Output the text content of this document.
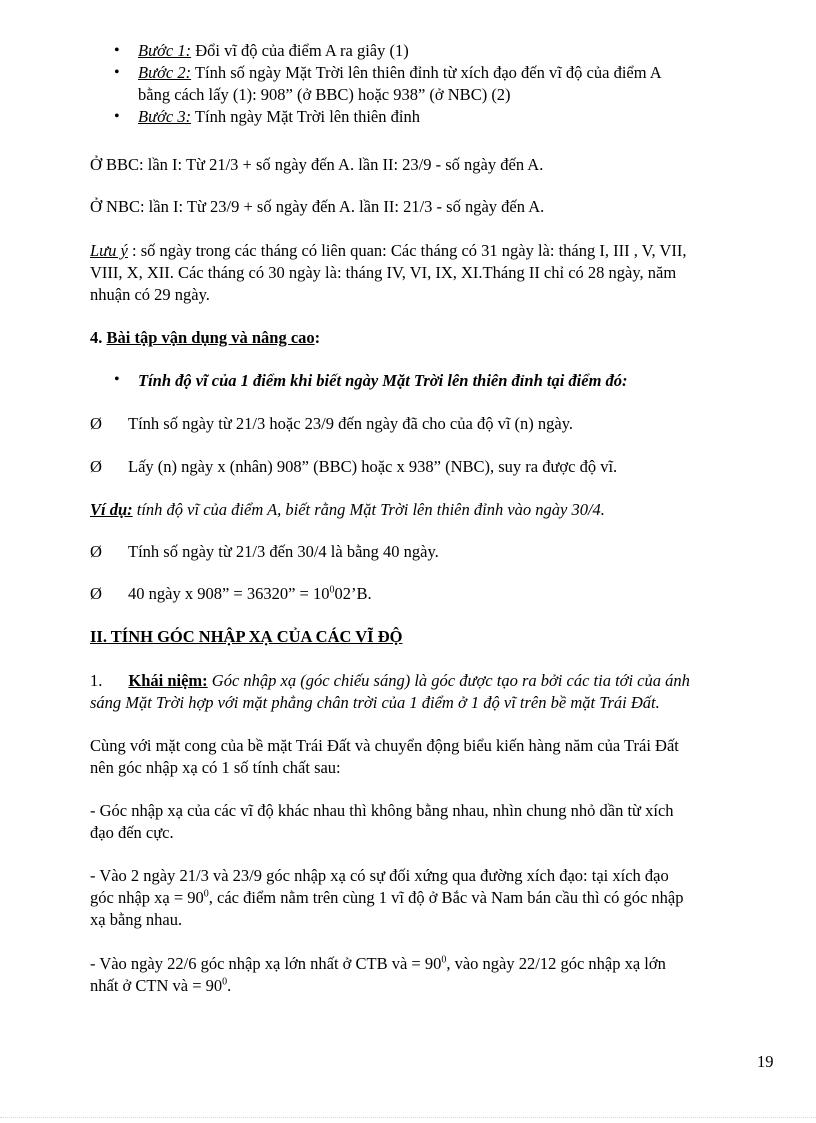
• Bước 1: Đổi vĩ độ của điểm A ra giây (1)
• Bước 2: Tính số ngày Mặt Trời lên thiên đỉnh từ xích đạo đến vĩ độ của điểm A
bằng cách lấy (1): 908” (ở BBC) hoặc 938” (ở NBC) (2)
• Bước 3: Tính ngày Mặt Trời lên thiên đỉnh
Ở BBC: lần I: Từ 21/3 + số ngày đến A. lần II: 23/9 - số ngày đến A.
Ở NBC: lần I: Từ 23/9 + số ngày đến A. lần II: 21/3 - số ngày đến A.
Lưu ý : số ngày trong các tháng có liên quan: Các tháng có 31 ngày là: tháng I, III , V, VII,
VIII, X, XII. Các tháng có 30 ngày là: tháng IV, VI, IX, XI.Tháng II chỉ có 28 ngày, năm
nhuận có 29 ngày.
4. Bài tập vận dụng và nâng cao:
• Tính độ vĩ của 1 điểm khi biết ngày Mặt Trời lên thiên đỉnh tại điểm đó:
Ø	Tính số ngày từ 21/3 hoặc 23/9 đến ngày đã cho của độ vĩ (n) ngày.
Ø	Lấy (n) ngày x (nhân) 908” (BBC) hoặc x 938” (NBC), suy ra được độ vĩ.
Ví dụ: tính độ vĩ của điểm A, biết rằng Mặt Trời lên thiên đỉnh vào ngày 30/4.
Ø	Tính số ngày từ 21/3 đến 30/4 là bằng 40 ngày.
Ø	40 ngày x 908” = 36320” = $10^002’B$.
II. TÍNH GÓC NHẬP XẠ CỦA CÁC VĨ ĐỘ
1. Khái niệm: Góc nhập xạ (góc chiếu sáng) là góc được tạo ra bởi các tia tới của ánh
sáng Mặt Trời hợp với mặt phẳng chân trời của 1 điểm ở 1 độ vĩ trên bề mặt Trái Đất.
Cùng với mặt cong của bề mặt Trái Đất và chuyển động biểu kiến hàng năm của Trái Đất
nên góc nhập xạ có 1 số tính chất sau:
- Góc nhập xạ của các vĩ độ khác nhau thì không bằng nhau, nhìn chung nhỏ dần từ xích
đạo đến cực.
- Vào 2 ngày 21/3 và 23/9 góc nhập xạ có sự đối xứng qua đường xích đạo: tại xích đạo
góc nhập xạ = $90^0$, các điểm nằm trên cùng 1 vĩ độ ở Bắc và Nam bán cầu thì có góc nhập
xạ bằng nhau.
- Vào ngày 22/6 góc nhập xạ lớn nhất ở CTB và = $90^0$, vào ngày 22/12 góc nhập xạ lớn
nhất ở CTN và = $90^0$.
19
